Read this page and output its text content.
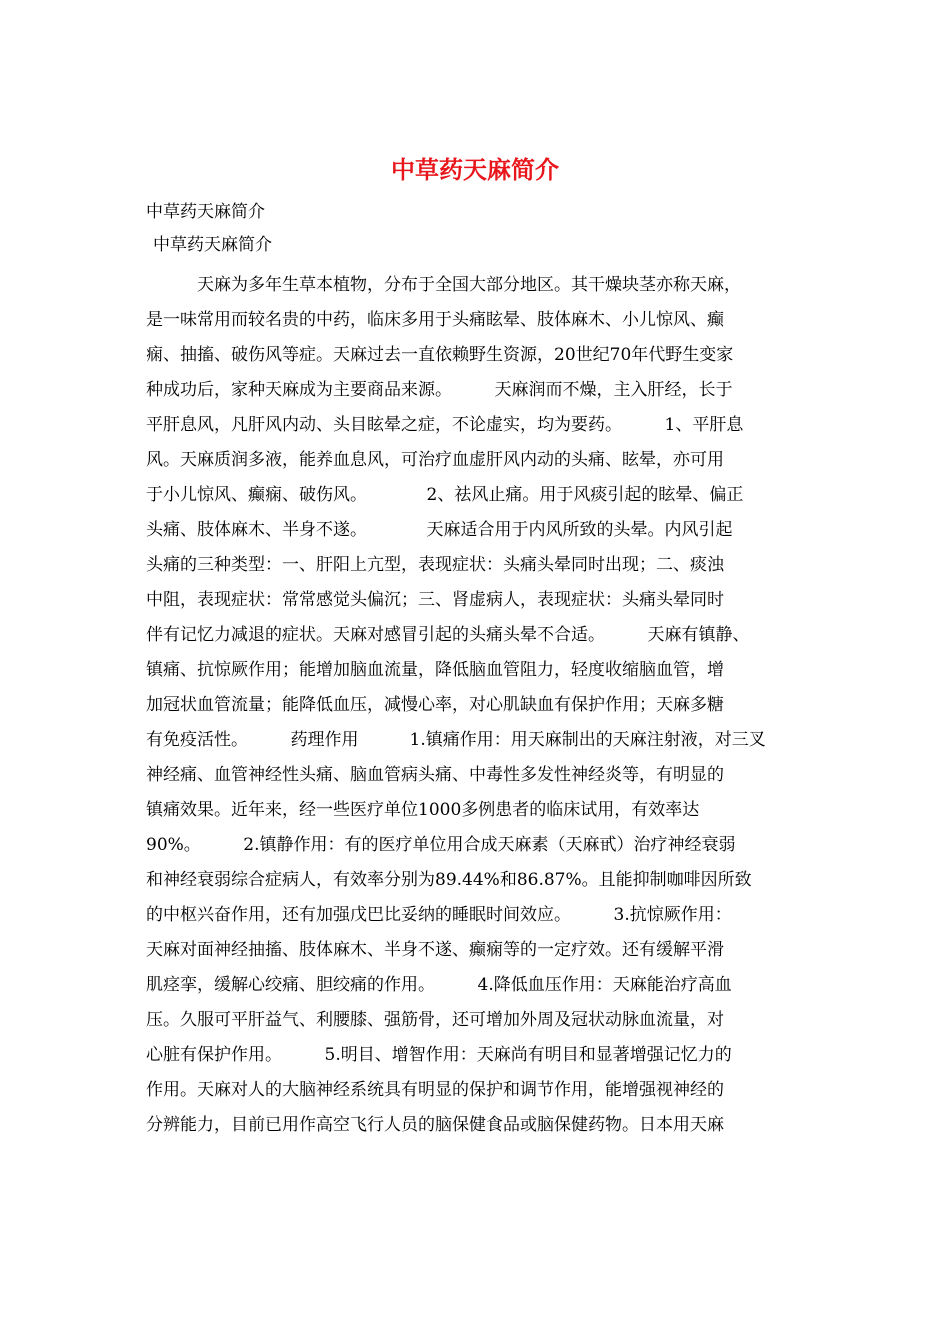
中草药天麻简介
中草药天麻简介
中草药天麻简介
　　　天麻为多年生草本植物，分布于全国大部分地区。其干燥块茎亦称天麻，
是一味常用而较名贵的中药，临床多用于头痛眩晕、肢体麻木、小儿惊风、癫
痫、抽搐、破伤风等症。天麻过去一直依赖野生资源，20世纪70年代野生变家
种成功后，家种天麻成为主要商品来源。　　　天麻润而不燥，主入肝经，长于
平肝息风，凡肝风内动、头目眩晕之症，不论虚实，均为要药。　　　1、平肝息
风。天麻质润多液，能养血息风，可治疗血虚肝风内动的头痛、眩晕，亦可用
于小儿惊风、癫痫、破伤风。　　　　2、祛风止痛。用于风痰引起的眩晕、偏正
头痛、肢体麻木、半身不遂。　　　　天麻适合用于内风所致的头晕。内风引起
头痛的三种类型：一、肝阳上亢型，表现症状：头痛头晕同时出现；二、痰浊
中阻，表现症状：常常感觉头偏沉；三、肾虚病人，表现症状：头痛头晕同时
伴有记忆力减退的症状。天麻对感冒引起的头痛头晕不合适。　　　天麻有镇静、
镇痛、抗惊厥作用；能增加脑血流量，降低脑血管阻力，轻度收缩脑血管，增
加冠状血管流量；能降低血压，减慢心率，对心肌缺血有保护作用；天麻多糖
有免疫活性。　　　药理作用　　　1.镇痛作用：用天麻制出的天麻注射液，对三叉
神经痛、血管神经性头痛、脑血管病头痛、中毒性多发性神经炎等，有明显的
镇痛效果。近年来，经一些医疗单位1000多例患者的临床试用，有效率达
90%。　　　2.镇静作用：有的医疗单位用合成天麻素（天麻甙）治疗神经衰弱
和神经衰弱综合症病人，有效率分别为89.44%和86.87%。且能抑制咖啡因所致
的中枢兴奋作用，还有加强戊巴比妥纳的睡眠时间效应。　　　3.抗惊厥作用：
天麻对面神经抽搐、肢体麻木、半身不遂、癫痫等的一定疗效。还有缓解平滑
肌痉挛，缓解心绞痛、胆绞痛的作用。　　　4.降低血压作用：天麻能治疗高血
压。久服可平肝益气、利腰膝、强筋骨，还可增加外周及冠状动脉血流量，对
心脏有保护作用。　　　5.明目、增智作用：天麻尚有明目和显著增强记忆力的
作用。天麻对人的大脑神经系统具有明显的保护和调节作用，能增强视神经的
分辨能力，目前已用作高空飞行人员的脑保健食品或脑保健药物。日本用天麻
